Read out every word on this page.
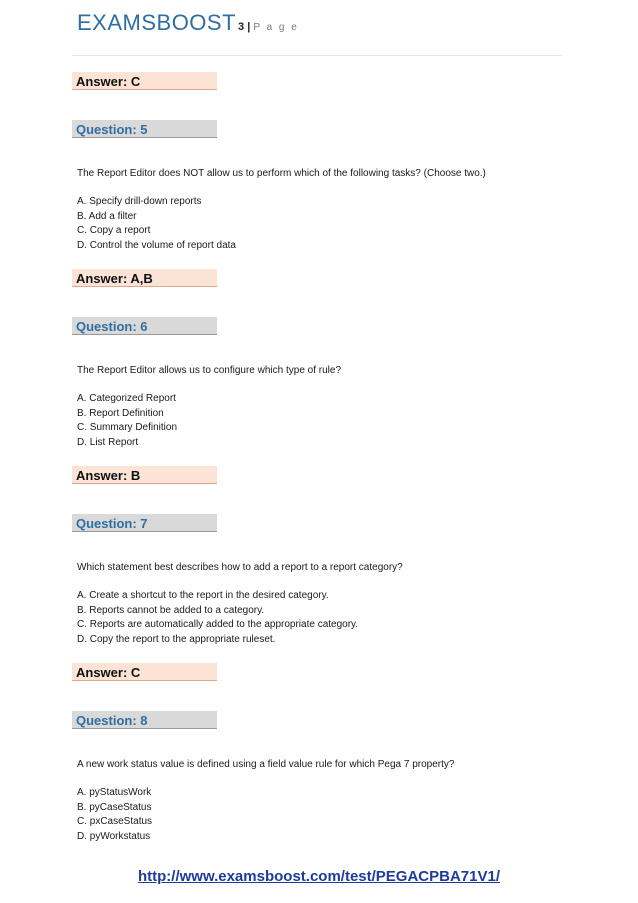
EXAMSBOOST 3 | P a g e
Answer: C
Question: 5
The Report Editor does NOT allow us to perform which of the following tasks? (Choose two.)
A. Specify drill-down reports
B. Add a filter
C. Copy a report
D. Control the volume of report data
Answer: A,B
Question: 6
The Report Editor allows us to configure which type of rule?
A. Categorized Report
B. Report Definition
C. Summary Definition
D. List Report
Answer: B
Question: 7
Which statement best describes how to add a report to a report category?
A. Create a shortcut to the report in the desired category.
B. Reports cannot be added to a category.
C. Reports are automatically added to the appropriate category.
D. Copy the report to the appropriate ruleset.
Answer: C
Question: 8
A new work status value is defined using a field value rule for which Pega 7 property?
A. pyStatusWork
B. pyCaseStatus
C. pxCaseStatus
D. pyWorkstatus
http://www.examsboost.com/test/PEGACPBA71V1/
